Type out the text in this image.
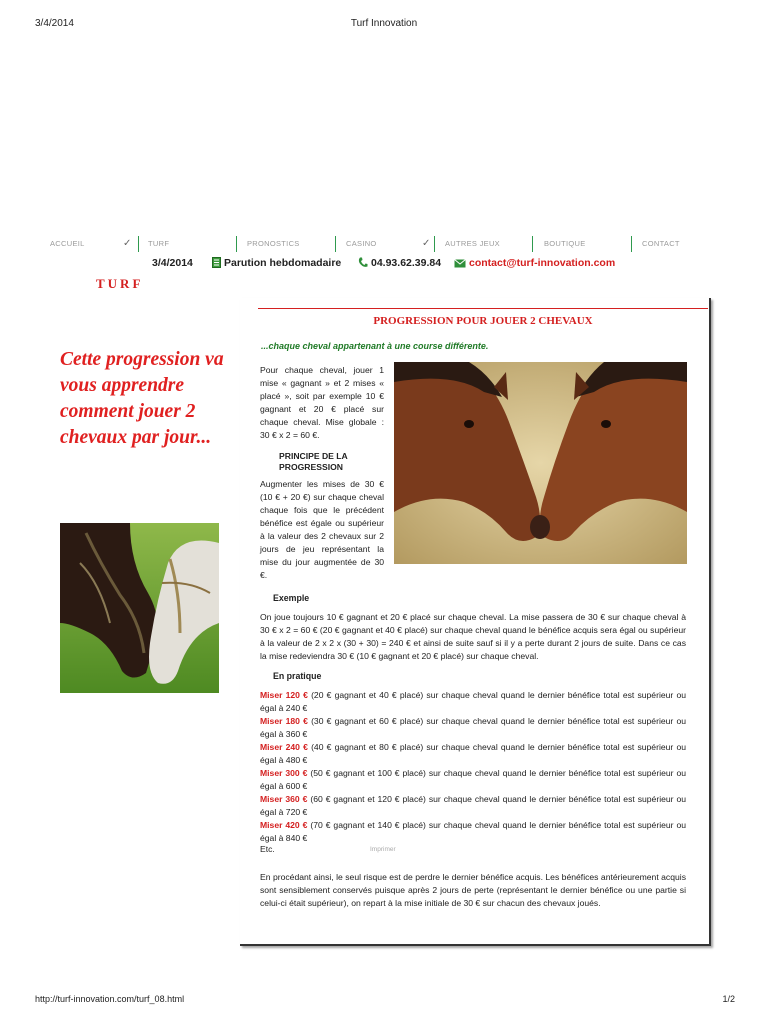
3/4/2014	Turf Innovation
ACCUEIL	✓ TURF	PRONOSTICS	CASINO	✓ AUTRES JEUX	BOUTIQUE	CONTACT
3/4/2014	Parution hebdomadaire	04.93.62.39.84	contact@turf-innovation.com
TURF
Cette progression va vous apprendre comment jouer 2 chevaux par jour...
PROGRESSION POUR JOUER 2 CHEVAUX
...chaque cheval appartenant à une course différente.
Pour chaque cheval, jouer 1 mise « gagnant » et 2 mises « placé », soit par exemple 10 € gagnant et 20 € placé sur chaque cheval. Mise globale : 30 € x 2 = 60 €.
PRINCIPE DE LA PROGRESSION
Augmenter les mises de 30 € (10 € + 20 €) sur chaque cheval chaque fois que le précédent bénéfice est égale ou supérieur à la valeur des 2 chevaux sur 2 jours de jeu représentant la mise du jour augmentée de 30 €.
Exemple
On joue toujours 10 € gagnant et 20 € placé sur chaque cheval. La mise passera de 30 € sur chaque cheval à 30 € x 2 = 60 € (20 € gagnant et 40 € placé) sur chaque cheval quand le bénéfice acquis sera égal ou supérieur à la valeur de 2 x 2 x (30 + 30) = 240 € et ainsi de suite sauf si il y a perte durant 2 jours de suite. Dans ce cas la mise redeviendra 30 € (10 € gagnant et 20 € placé) sur chaque cheval.
En pratique
Miser 120 € (20 € gagnant et 40 € placé) sur chaque cheval quand le dernier bénéfice total est supérieur ou égal à 240 €
Miser 180 € (30 € gagnant et 60 € placé) sur chaque cheval quand le dernier bénéfice total est supérieur ou égal à 360 €
Miser 240 € (40 € gagnant et 80 € placé) sur chaque cheval quand le dernier bénéfice total est supérieur ou égal à 480 €
Miser 300 € (50 € gagnant et 100 € placé) sur chaque cheval quand le dernier bénéfice total est supérieur ou égal à 600 €
Miser 360 € (60 € gagnant et 120 € placé) sur chaque cheval quand le dernier bénéfice total est supérieur ou égal à 720 €
Miser 420 € (70 € gagnant et 140 € placé) sur chaque cheval quand le dernier bénéfice total est supérieur ou égal à 840 €
Etc.	Imprimer
En procédant ainsi, le seul risque est de perdre le dernier bénéfice acquis. Les bénéfices antérieurement acquis sont sensiblement conservés puisque après 2 jours de perte (représentant le dernier bénéfice ou une partie si celui-ci était supérieur), on repart à la mise initiale de 30 € sur chacun des chevaux joués.
http://turf-innovation.com/turf_08.html	1/2
